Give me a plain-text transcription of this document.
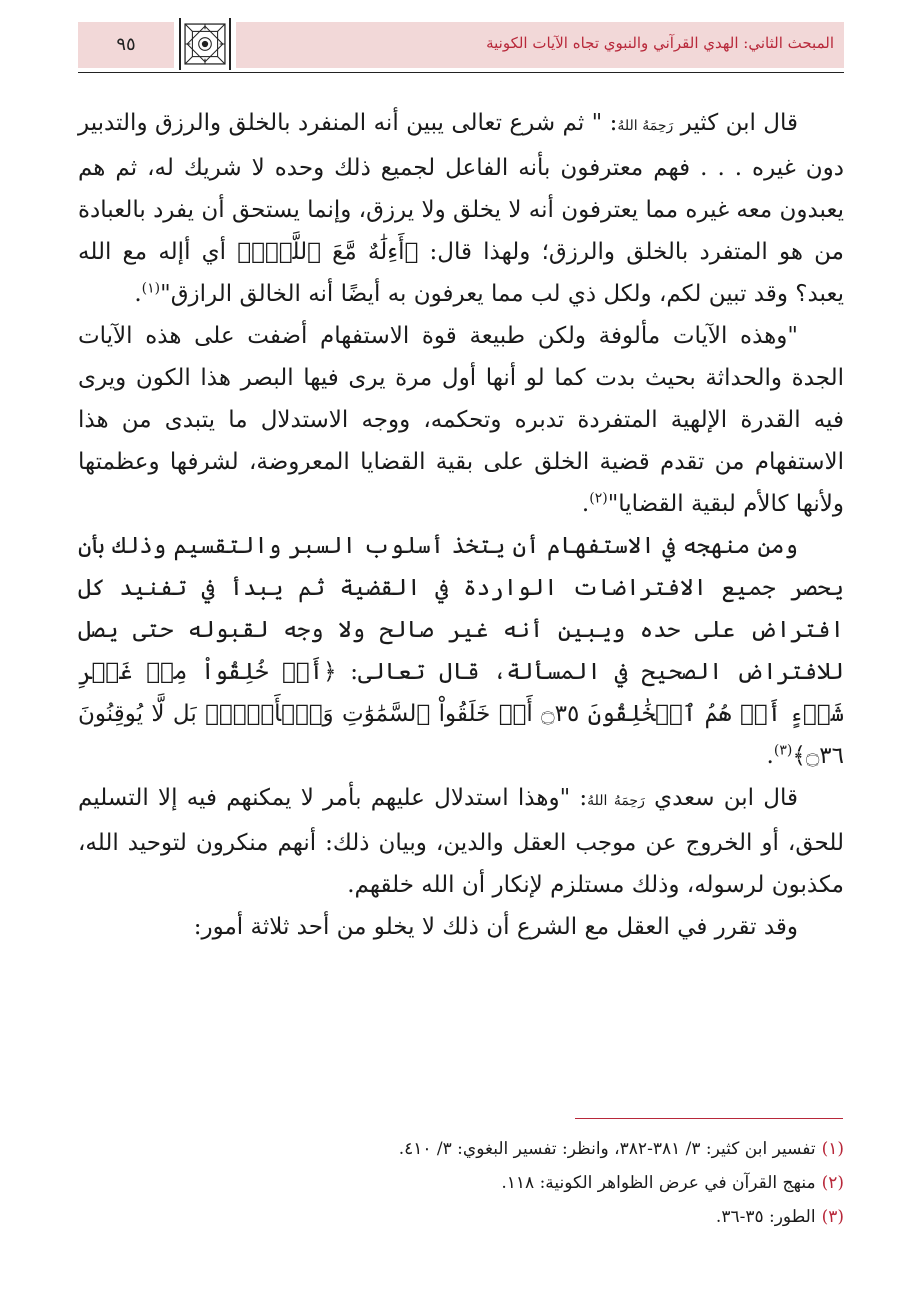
المبحث الثاني: الهدي القرآني والنبوي تجاه الآيات الكونية
٩٥

قال ابن كثير رَحِمَهُ اللهُ: " ثم شرع تعالى يبين أنه المنفرد بالخلق والرزق والتدبير دون غيره . . . فهم معترفون بأنه الفاعل لجميع ذلك وحده لا شريك له، ثم هم يعبدون معه غيره مما يعترفون أنه لا يخلق ولا يرزق، وإنما يستحق أن يفرد بالعبادة من هو المتفرد بالخلق والرزق؛ ولهذا قال: ﴿أَءِلَٰهٌ مَّعَ ٱللَّهِۚ﴾ أي أإله مع الله يعبد؟ وقد تبين لكم، ولكل ذي لب مما يعرفون به أيضًا أنه الخالق الرازق"$^{(١)}$.

"وهذه الآيات مألوفة ولكن طبيعة قوة الاستفهام أضفت على هذه الآيات الجدة والحداثة بحيث بدت كما لو أنها أول مرة يرى فيها البصر هذا الكون ويرى فيه القدرة الإلهية المتفردة تدبره وتحكمه، ووجه الاستدلال ما يتبدى من هذا الاستفهام من تقدم قضية الخلق على بقية القضايا المعروضة، لشرفها وعظمتها ولأنها كالأم لبقية القضايا"$^{(٢)}$.

ومن منهجه في الاستفهام أن يتخذ أسلوب السبر والتقسيم وذلك بأن يحصر جميع الافتراضات الواردة في القضية ثم يبدأ في تفنيد كل افتراض على حده ويبين أنه غير صالح ولا وجه لقبوله حتى يصل للافتراض الصحيح في المسألة، قال تعالى: ﴿أَمۡ خُلِقُواْ مِنۡ غَيۡرِ شَيۡءٍ أَمۡ هُمُ ٱلۡخَٰلِقُونَ ۝٣٥ أَمۡ خَلَقُواْ ٱلسَّمَٰوَٰتِ وَٱلۡأَرۡضَۚ بَل لَّا يُوقِنُونَ ۝٣٦﴾$^{(٣)}$.

قال ابن سعدي رَحِمَهُ اللهُ: "وهذا استدلال عليهم بأمر لا يمكنهم فيه إلا التسليم للحق، أو الخروج عن موجب العقل والدين، وبيان ذلك: أنهم منكرون لتوحيد الله، مكذبون لرسوله، وذلك مستلزم لإنكار أن الله خلقهم.

وقد تقرر في العقل مع الشرع أن ذلك لا يخلو من أحد ثلاثة أمور:

(١)تفسير ابن كثير: ٣/ ٣٨١-٣٨٢، وانظر: تفسير البغوي: ٣/ ٤١٠.
(٢)منهج القرآن في عرض الظواهر الكونية: ١١٨.
(٣)الطور: ٣٥-٣٦.
